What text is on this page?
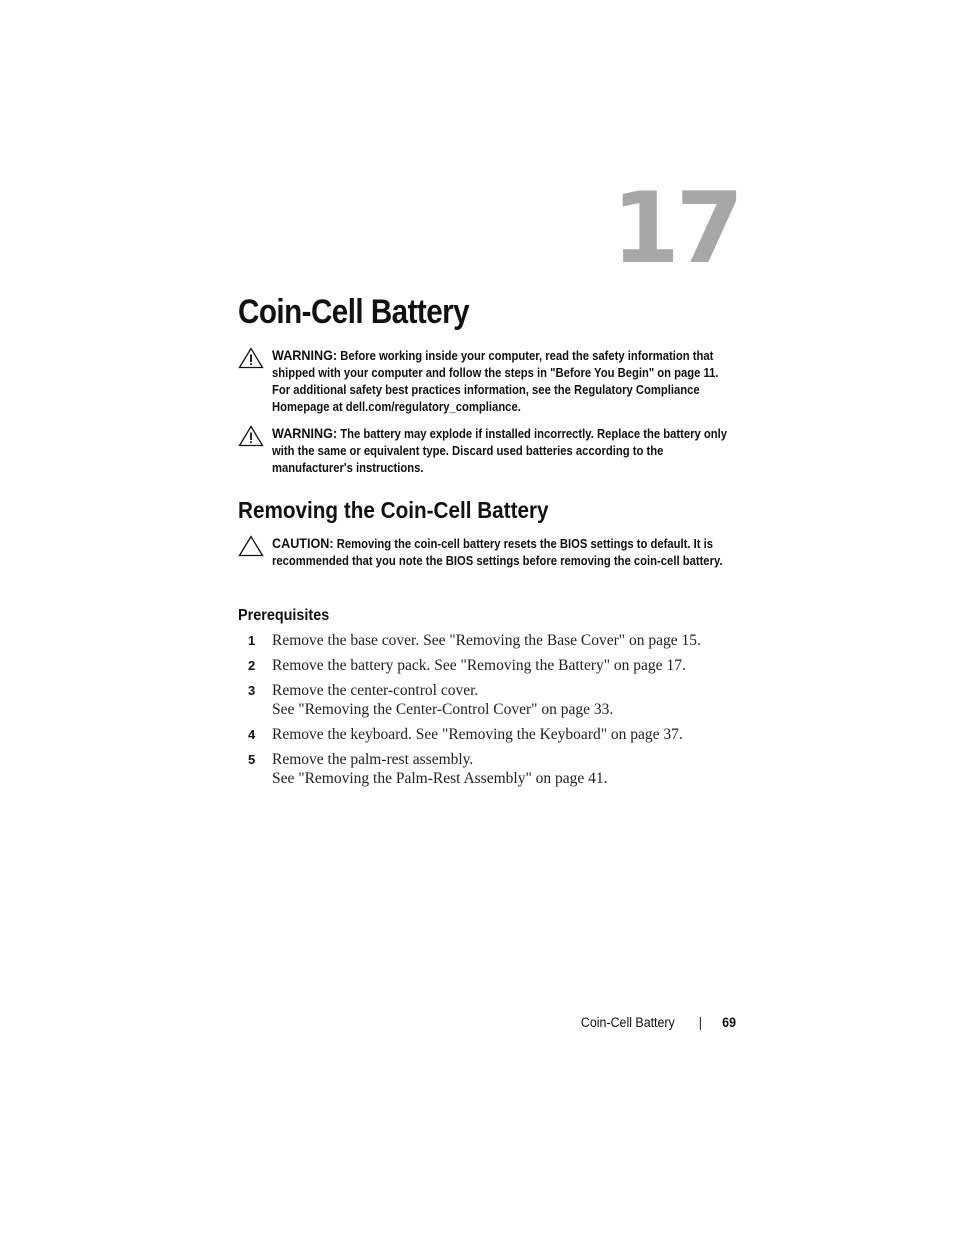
17
Coin-Cell Battery
WARNING: Before working inside your computer, read the safety information that shipped with your computer and follow the steps in "Before You Begin" on page 11. For additional safety best practices information, see the Regulatory Compliance Homepage at dell.com/regulatory_compliance.
WARNING: The battery may explode if installed incorrectly. Replace the battery only with the same or equivalent type. Discard used batteries according to the manufacturer's instructions.
Removing the Coin-Cell Battery
CAUTION: Removing the coin-cell battery resets the BIOS settings to default. It is recommended that you note the BIOS settings before removing the coin-cell battery.
Prerequisites
1 Remove the base cover. See "Removing the Base Cover" on page 15.
2 Remove the battery pack. See "Removing the Battery" on page 17.
3 Remove the center-control cover.
See "Removing the Center-Control Cover" on page 33.
4 Remove the keyboard. See "Removing the Keyboard" on page 37.
5 Remove the palm-rest assembly.
See "Removing the Palm-Rest Assembly" on page 41.
Coin-Cell Battery | 69
